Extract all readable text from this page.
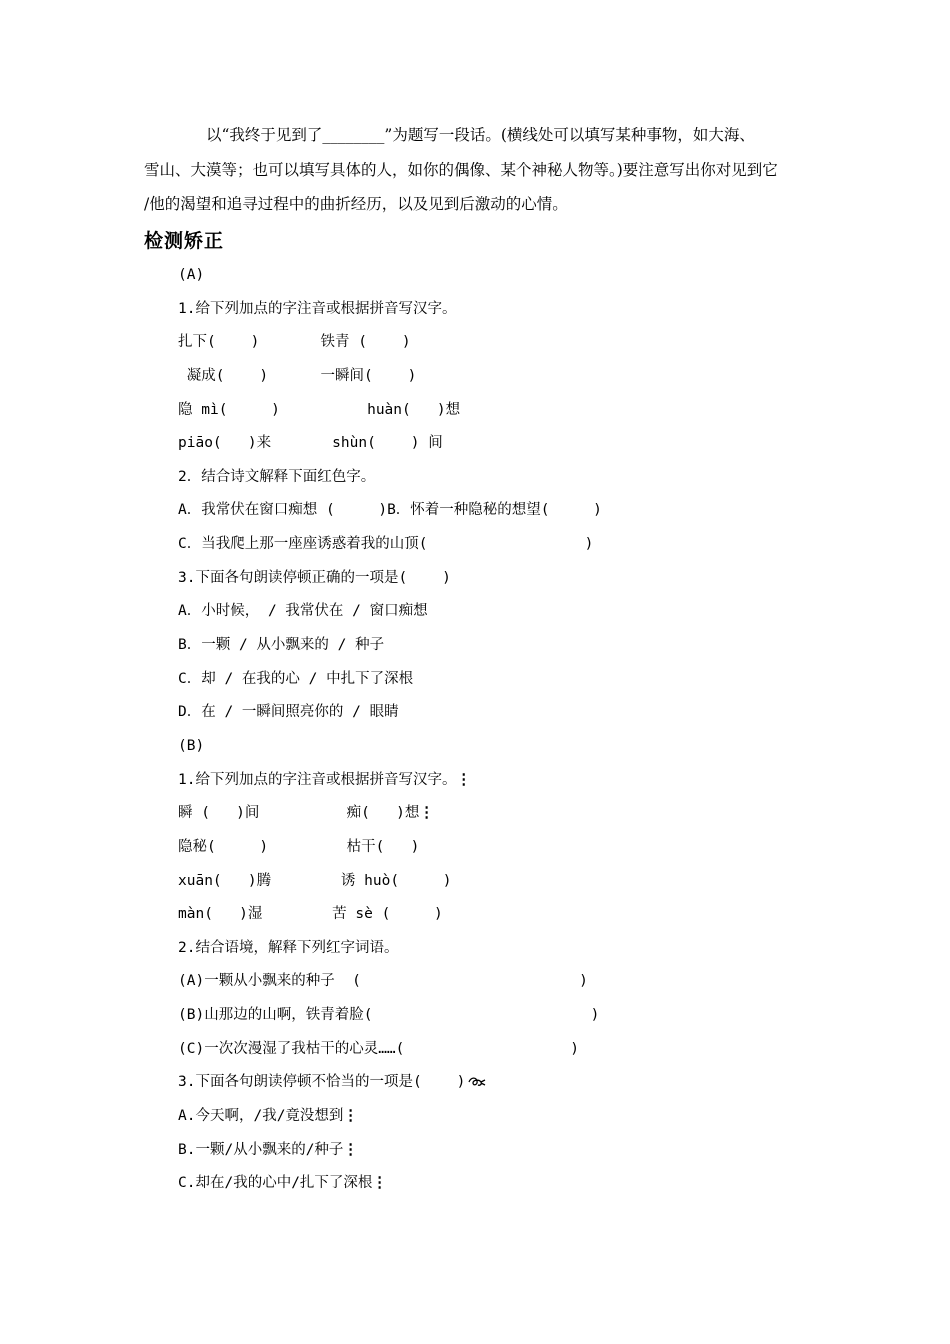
以“我终于见到了________”为题写一段话。(横线处可以填写某种事物，如大海、

雪山、大漠等；也可以填写具体的人，如你的偶像、某个神秘人物等。)要注意写出你对见到它

/他的渴望和追寻过程中的曲折经历，以及见到后激动的心情。

检测矫正
(A)
1.给下列加点的字注音或根据拼音写汉字。
扎下(    )       铁青 (    )
凝成(    )      一瞬间(    )
隐 mì(     )          huàn(   )想
piāo(   )来       shùn(    ) 间
2．结合诗文解释下面红色字。
A．我常伏在窗口痴想 (     )B．怀着一种隐秘的想望(     )
C．当我爬上那一座座诱惑着我的山顶(                  )
3.下面各句朗读停顿正确的一项是(    )
A．小时候， / 我常伏在 / 窗口痴想
B．一颗 / 从小飘来的 / 种子
C．却 / 在我的心 / 中扎下了深根
D．在 / 一瞬间照亮你的 / 眼睛
(B)
1.给下列加点的字注音或根据拼音写汉字。⋮
瞬 (   )间          痴(   )想⋮
隐秘(     )         枯干(   )
xuān(   )腾        诱 huò(     )
màn(   )湿        苦 sè (     )
2.结合语境，解释下列红字词语。
(A)一颗从小飘来的种子  (                         )
(B)山那边的山啊，铁青着脸(                         )
(C)一次次漫湿了我枯干的心灵……(                   )
3.下面各句朗读停顿不恰当的一项是(    )
A.今天啊，/我/竟没想到⋮
B.一颗/从小飘来的/种子⋮
C.却在/我的心中/扎下了深根⋮
